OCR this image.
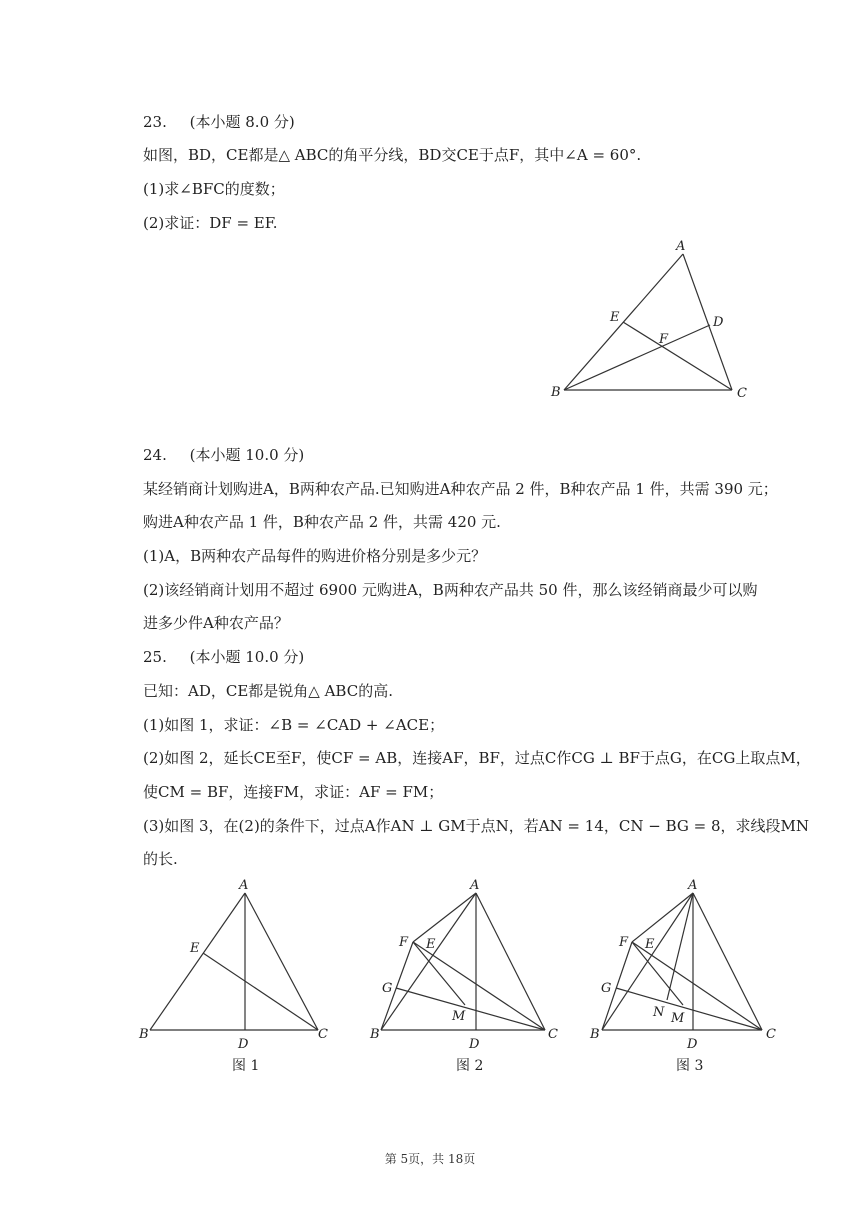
23. (本小题 8.0 分)
如图，BD，CE都是△ ABC的角平分线，BD交CE于点F，其中∠A = 60°.
(1)求∠BFC的度数；
(2)求证：DF = EF.
A
B	C
D
E
F
24. (本小题 10.0 分)
某经销商计划购进A，B两种农产品.已知购进A种农产品 2 件，B种农产品 1 件，共需 390 元；
购进A种农产品 1 件，B种农产品 2 件，共需 420 元.
(1)A，B两种农产品每件的购进价格分别是多少元？
(2)该经销商计划用不超过 6900 元购进A，B两种农产品共 50 件，那么该经销商最少可以购
进多少件A种农产品？
25. (本小题 10.0 分)
已知：AD，CE都是锐角△ ABC的高.
(1)如图 1，求证：∠B = ∠CAD + ∠ACE；
(2)如图 2，延长CE至F，使CF = AB，连接AF，BF，过点C作CG ⊥ BF于点G，在CG上取点M，
使CM = BF，连接FM，求证：AF = FM；
(3)如图 3，在(2)的条件下，过点A作AN ⊥ GM于点N，若AN = 14，CN − BG = 8，求线段MN
的长.
A
B	C
D
E
图 1
A
B	C
D
E
F
G
M
图 2
A
B	C
D
E
F
G
M
N
图 3
第 5页，共 18页
